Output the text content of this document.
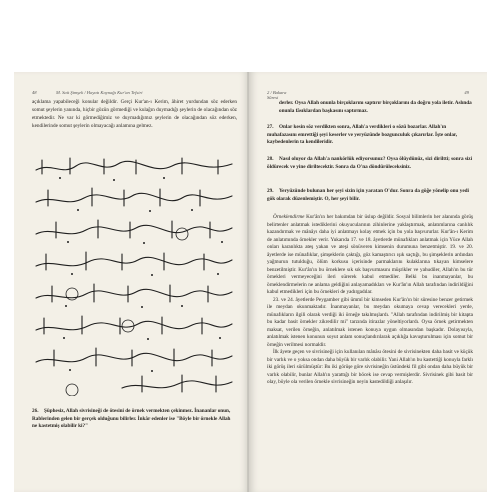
48	M. Sait Şimşek / Hayatı Kaynağı Kur'an Tefsiri
açıklama yapabileceği konular değildir. Gerçi Kur'an-ı Kerim, âhiret yurdundan söz ederken somut şeylerin yanında, hiçbir gözün görmediği ve kulağın duymadığı şeylerin de olacağından söz etmektedir. Ne var ki görmediğimiz ve duymadığımız şeylerin de olacağından söz ederken, kendilerinde somut şeylerin olmayacağı anlamına gelmez.
26. Şüphesiz, Allah sivrisineği de ötesini de örnek vermekten çekinmez. İnananlar onun, Rablerinden gelen bir gerçek olduğunu bilirler. İnkâr edenler ise "Böyle bir örnekle Allah ne kastetmiş olabilir ki?"
2 / Bakara Sûresi
49
derler. Oysa Allah onunla birçoklarını saptırır birçoklarını da doğru yola iletir. Aslında onunla fâsıklardan başkasını saptırmaz.
27. Onlar kesin söz verdikten sonra, Allah'a verdikleri o sözü bozarlar. Allah'ın muhafazasını emrettiği şeyi keserler ve yeryüzünde bozgunculuk çıkarırlar. İşte onlar, kaybedenlerin ta kendileridir.
28. Nasıl oluyor da Allah'a nankörlük ediyorsunuz? Oysa ölüydünüz, sizi diriltti; sonra sizi öldürecek ve yine diriltecektir. Sonra da O'na döndürüleceksiniz.
29. Yeryüzünde bulunan her şeyi sizin için yaratan O'dur. Sonra da göğe yönelip onu yedi gök olarak düzenlemiştir. O, her şeyi bilir.

Örneklendirme Kur'ân'ın her bakımdan bir üslup değildir. Sosyal bilimlerin her alanında görüş belirtenler anlatmak istediklerini okuyucularının zihinlerine yaklaştırmak, anlatımlarına canlılık kazandırmak ve mânâyı daha iyi anlatmayı kolay etmek için bu yola başvururlar. Kur'ân-ı Kerim de anlatımında örnekler verir. Yukarıda 17. ve 18. âyetlerde münafıkları anlatmak için Yüce Allah onları karanlıkta ateş yakan ve ateşi sönüveren kimsenin durumuna benzetmiştir. 19. ve 20. âyetlerde ise münafıklar, şimşeklerin çaktığı, göz kamaştırıcı ışık saçtığı, bu şimşeklerin ardından yağmurun tutulduğu, ölüm korkusu içerisinde parmaklarını kulaklarına tıkayan kimselere benzetilmiştir. Kur'ân'ın bu örneklere sık sık başvurmasını müşrikler ve yahudiler, Allah'ın bu tür örnekleri vermeyeceğini ileri sürerek kabul etmediler. Belki bu inanmayanlar, bu örneklendirmelerin ne anlama geldiğini anlayamadıkları ve Kur'ân'ın Allah tarafından indirildiğini kabul etmedikleri için bu örnekleri de yadırgadılar.

23. ve 24. âyetlerde Peygamber gibi ümmî bir kimseden Kur'ân'ın bir sûresine benzer getirmek ile meydan okunmaktadır. İnanmayanlar, bu meydan okumaya cevap verecekleri yerde, münafıkların ilgili olarak verdiği iki örneğe takılmışlardı. "Allah tarafından indirilmiş bir kitapta bu kadar basit örnekler zikredilir mi" tarzında itirazlar yöneltiyorlardı. Oysa örnek getirmekten maksat, verilen örneğin, anlatılmak istenen konuya uygun olmasından başkadır. Dolayısıyla, anlatılmak istenen konunun soyut anlam sonuçlandırılarak açıklığa kavuşturulması için somut bir örneğin verilmesi normaldir.

İlk âyete geçen ve sivrisineği için kullanılan mânâsı ötesini de sivrisinekten daha basit ve küçük bir varlık ve o yoksa ondan daha büyük bir varlık olabilir. Yani Allah'ın bu kastettiği konuyla farklı iki görüş ileri sürülmüştür: Bu iki görüşe göre sivrisineğin üstündeki fil gibi ondan daha büyük bir varlık olabilir, bunlar Allah'ın yarattığı bir böcek ise cevap vermişlerdir. Sivrisinek gibi basit bir olay, böyle ola verilen örnekle sivrisineğin neyin kastedildiği anlaşılır.
